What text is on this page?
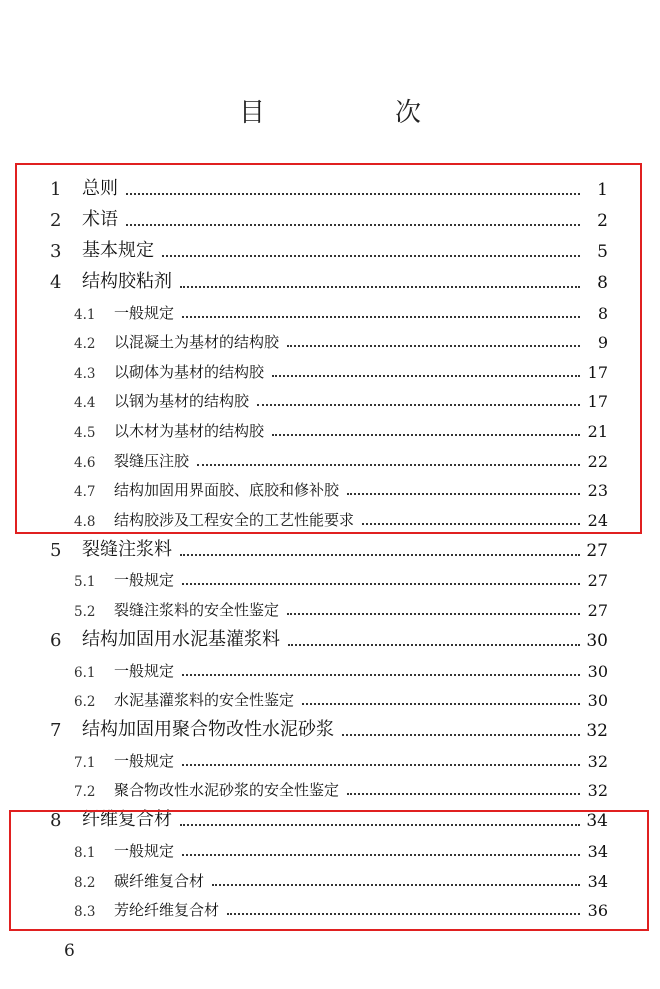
目　次
1	总则	1
2	术语	2
3	基本规定	5
4	结构胶粘剂	8
4.1	一般规定	8
4.2	以混凝土为基材的结构胶	9
4.3	以砌体为基材的结构胶	17
4.4	以钢为基材的结构胶	17
4.5	以木材为基材的结构胶	21
4.6	裂缝压注胶	22
4.7	结构加固用界面胶、底胶和修补胶	23
4.8	结构胶涉及工程安全的工艺性能要求	24
5	裂缝注浆料	27
5.1	一般规定	27
5.2	裂缝注浆料的安全性鉴定	27
6	结构加固用水泥基灌浆料	30
6.1	一般规定	30
6.2	水泥基灌浆料的安全性鉴定	30
7	结构加固用聚合物改性水泥砂浆	32
7.1	一般规定	32
7.2	聚合物改性水泥砂浆的安全性鉴定	32
8	纤维复合材	34
8.1	一般规定	34
8.2	碳纤维复合材	34
8.3	芳纶纤维复合材	36
6
